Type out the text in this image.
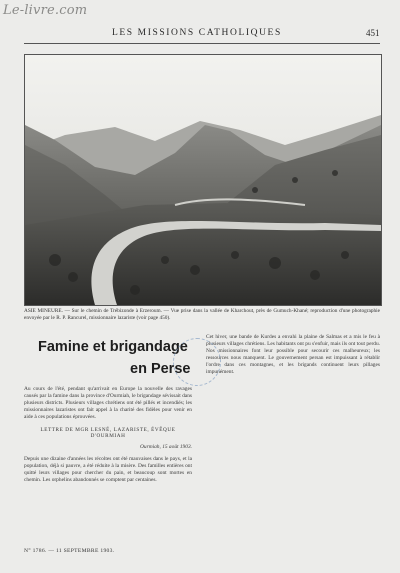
Le-livre.com
LES MISSIONS CATHOLIQUES	451
ASIE MINEURE. — Sur le chemin de Trébizonde à Erzeroum. — Vue prise dans la vallée de Kharchout, près de Gumuch-Khané; reproduction d'une photographie envoyée par le R. P. Rancurel, missionnaire lazariste (voir page 450).
Famine et brigandage
en Perse
Au cours de l'été, pendant qu'arrivait en Europe la nouvelle des ravages causés par la famine dans la province d'Ourmiah, le brigandage sévissait dans plusieurs districts. Plusieurs villages chrétiens ont été pillés et incendiés; les missionnaires lazaristes ont fait appel à la charité des fidèles pour venir en aide à ces populations éprouvées.
LETTRE DE MGR LESNÉ, LAZARISTE, ÉVÊQUE D'OURMIAH
Ourmiah, 15 août 1903.
Depuis une dizaine d'années les récoltes ont été mauvaises dans le pays, et la population, déjà si pauvre, a été réduite à la misère. Des familles entières ont quitté leurs villages pour chercher du pain, et beaucoup sont mortes en chemin. Les orphelins abandonnés se comptent par centaines.
Cet hiver, une bande de Kurdes a envahi la plaine de Salmas et a mis le feu à plusieurs villages chrétiens. Les habitants ont pu s'enfuir, mais ils ont tout perdu. Nos missionnaires font leur possible pour secourir ces malheureux; les ressources nous manquent. Le gouvernement persan est impuissant à rétablir l'ordre dans ces montagnes, et les brigands continuent leurs pillages impunément.
N° 1786. — 11 SEPTEMBRE 1903.
